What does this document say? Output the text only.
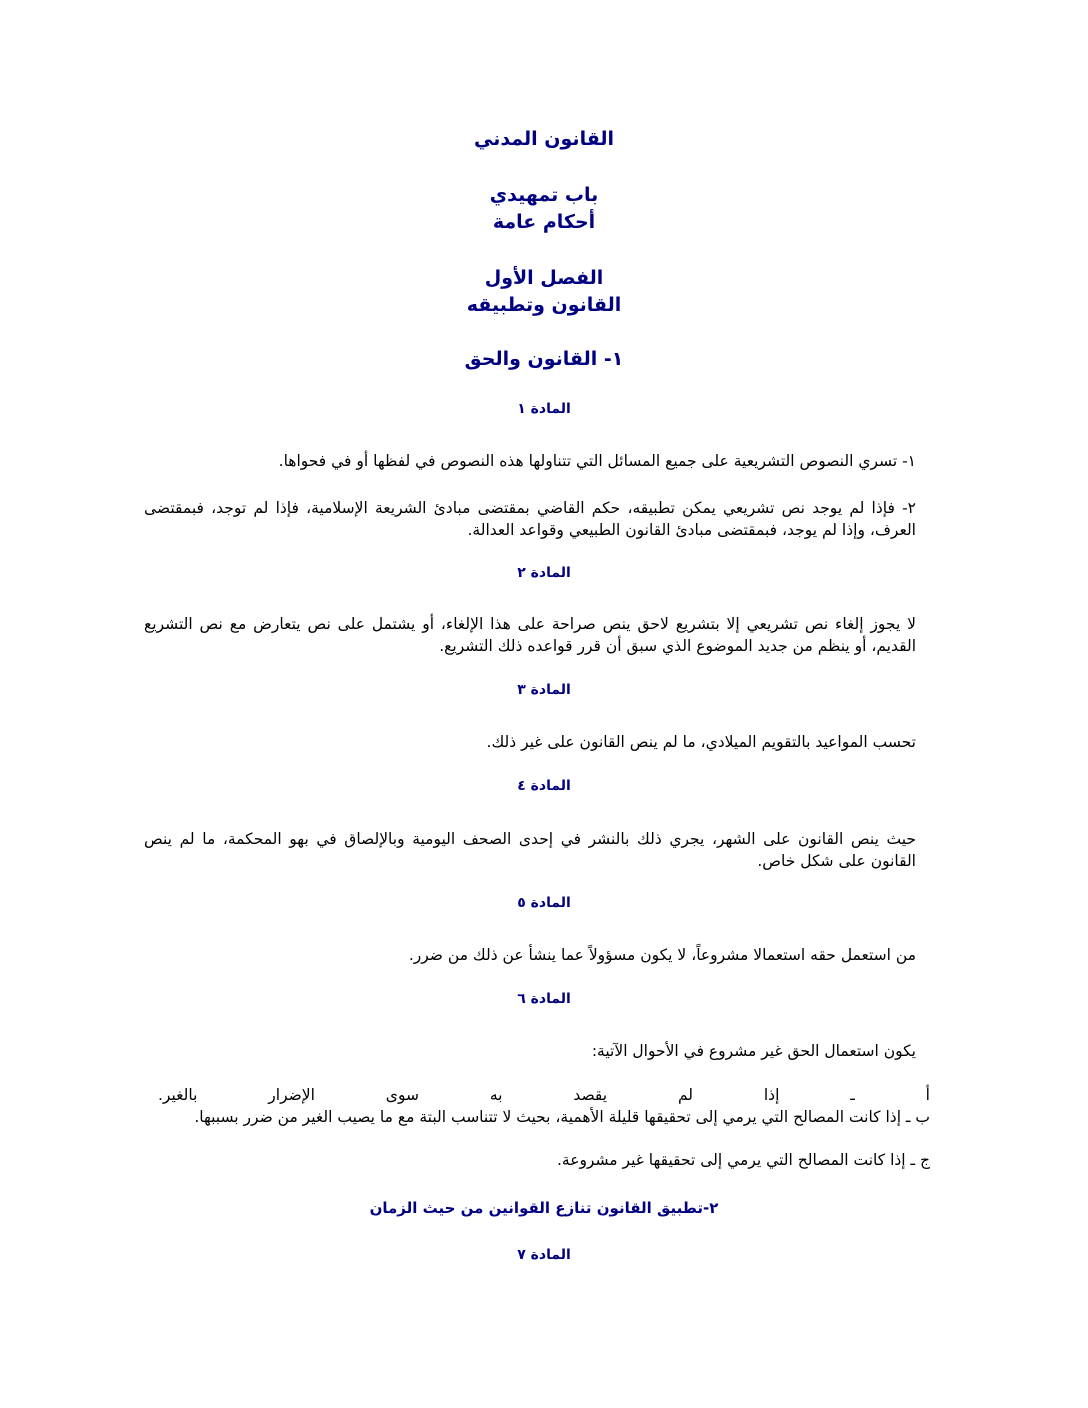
القانون المدني
باب تمهيدي
أحكام عامة
الفصل الأول
القانون وتطبيقه
١- القانون والحق
المادة ١
١- تسري النصوص التشريعية على جميع المسائل التي تتناولها هذه النصوص في لفظها أو في فحواها.
٢- فإذا لم يوجد نص تشريعي يمكن تطبيقه، حكم القاضي بمقتضى مبادئ الشريعة الإسلامية، فإذا لم توجد، فبمقتضى العرف، وإذا لم يوجد، فبمقتضى مبادئ القانون الطبيعي وقواعد العدالة.
المادة ٢
لا يجوز إلغاء نص تشريعي إلا بتشريع لاحق ينص صراحة على هذا الإلغاء، أو يشتمل على نص يتعارض مع نص التشريع القديم، أو ينظم من جديد الموضوع الذي سبق أن قرر قواعده ذلك التشريع.
المادة ٣
تحسب المواعيد بالتقويم الميلادي، ما لم ينص القانون على غير ذلك.
المادة ٤
حيث ينص القانون على الشهر، يجري ذلك بالنشر في إحدى الصحف اليومية وبالإلصاق في بهو المحكمة، ما لم ينص القانون على شكل خاص.
المادة ٥
من استعمل حقه استعمالا مشروعاً، لا يكون مسؤولاً عما ينشأ عن ذلك من ضرر.
المادة ٦
يكون استعمال الحق غير مشروع في الأحوال الآتية:
أ ـ إذا لم يقصد به سوى الإضرار بالغير.
ب ـ إذا كانت المصالح التي يرمي إلى تحقيقها قليلة الأهمية، بحيث لا تتناسب البتة مع ما يصيب الغير من ضرر بسببها.
ج ـ إذا كانت المصالح التي يرمي إلى تحقيقها غير مشروعة.
٢-تطبيق القانون تنازع القوانين من حيث الزمان
المادة ٧
